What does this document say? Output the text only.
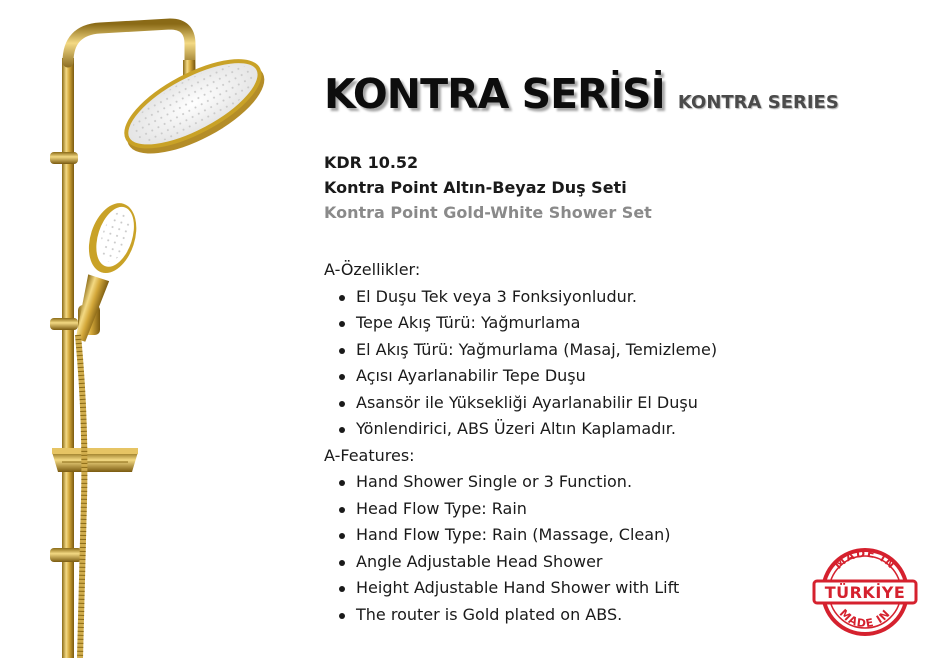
KONTRA SERİSİ KONTRA SERIES
KDR 10.52
Kontra Point Altın-Beyaz Duş Seti
Kontra Point Gold-White Shower Set
A-Özellikler:
El Duşu Tek veya 3 Fonksiyonludur.
Tepe Akış Türü: Yağmurlama
El Akış Türü: Yağmurlama (Masaj, Temizleme)
Açısı Ayarlanabilir Tepe Duşu
Asansör ile Yüksekliği Ayarlanabilir El Duşu
Yönlendirici, ABS Üzeri Altın Kaplamadır.
A-Features:
Hand Shower Single or 3 Function.
Head Flow Type: Rain
Hand Flow Type: Rain (Massage, Clean)
Angle Adjustable Head Shower
Height Adjustable Hand Shower with Lift
The router is Gold plated on ABS.
MADE IN
MADE IN
TÜRKİYE
